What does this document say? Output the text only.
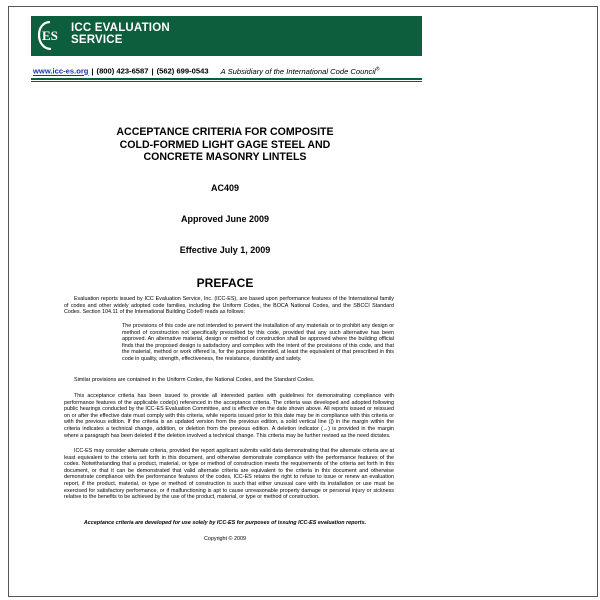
ES ICC EVALUATION
SERVICE
www.icc-es.org | (800) 423-6587 | (562) 699-0543 A Subsidiary of the International Code Council®
ACCEPTANCE CRITERIA FOR COMPOSITE
COLD-FORMED LIGHT GAGE STEEL AND
CONCRETE MASONRY LINTELS
AC409
Approved June 2009
Effective July 1, 2009
PREFACE
Evaluation reports issued by ICC Evaluation Service, Inc. (ICC-ES), are based upon performance features of the International family of codes and other widely adopted code families, including the Uniform Codes, the BOCA National Codes, and the SBCCI Standard Codes. Section 104.11 of the International Building Code® reads as follows:
The provisions of this code are not intended to prevent the installation of any materials or to prohibit any design or method of construction not specifically prescribed by this code, provided that any such alternative has been approved. An alternative material, design or method of construction shall be approved where the building official finds that the proposed design is satisfactory and complies with the intent of the provisions of this code, and that the material, method or work offered is, for the purpose intended, at least the equivalent of that prescribed in this code in quality, strength, effectiveness, fire resistance, durability and safety.
Similar provisions are contained in the Uniform Codes, the National Codes, and the Standard Codes.
This acceptance criteria has been issued to provide all interested parties with guidelines for demonstrating compliance with performance features of the applicable code(s) referenced in the acceptance criteria. The criteria was developed and adopted following public hearings conducted by the ICC-ES Evaluation Committee, and is effective on the date shown above. All reports issued or reissued on or after the effective date must comply with this criteria, while reports issued prior to this date may be in compliance with this criteria or with the previous edition. If the criteria is an updated version from the previous edition, a solid vertical line (|) in the margin within the criteria indicates a technical change, addition, or deletion from the previous edition. A deletion indicator (→) is provided in the margin where a paragraph has been deleted if the deletion involved a technical change. This criteria may be further revised as the need dictates.
ICC-ES may consider alternate criteria, provided the report applicant submits valid data demonstrating that the alternate criteria are at least equivalent to the criteria set forth in this document, and otherwise demonstrate compliance with the performance features of the codes. Notwithstanding that a product, material, or type or method of construction meets the requirements of the criteria set forth in this document, or that it can be demonstrated that valid alternate criteria are equivalent to the criteria in this document and otherwise demonstrate compliance with the performance features of the codes, ICC-ES retains the right to refuse to issue or renew an evaluation report, if the product, material, or type or method of construction is such that either unusual care with its installation or use must be exercised for satisfactory performance, or if malfunctioning is apt to cause unreasonable property damage or personal injury or sickness relative to the benefits to be achieved by the use of the product, material, or type or method of construction.
Acceptance criteria are developed for use solely by ICC-ES for purposes of issuing ICC-ES evaluation reports.
Copyright © 2009
